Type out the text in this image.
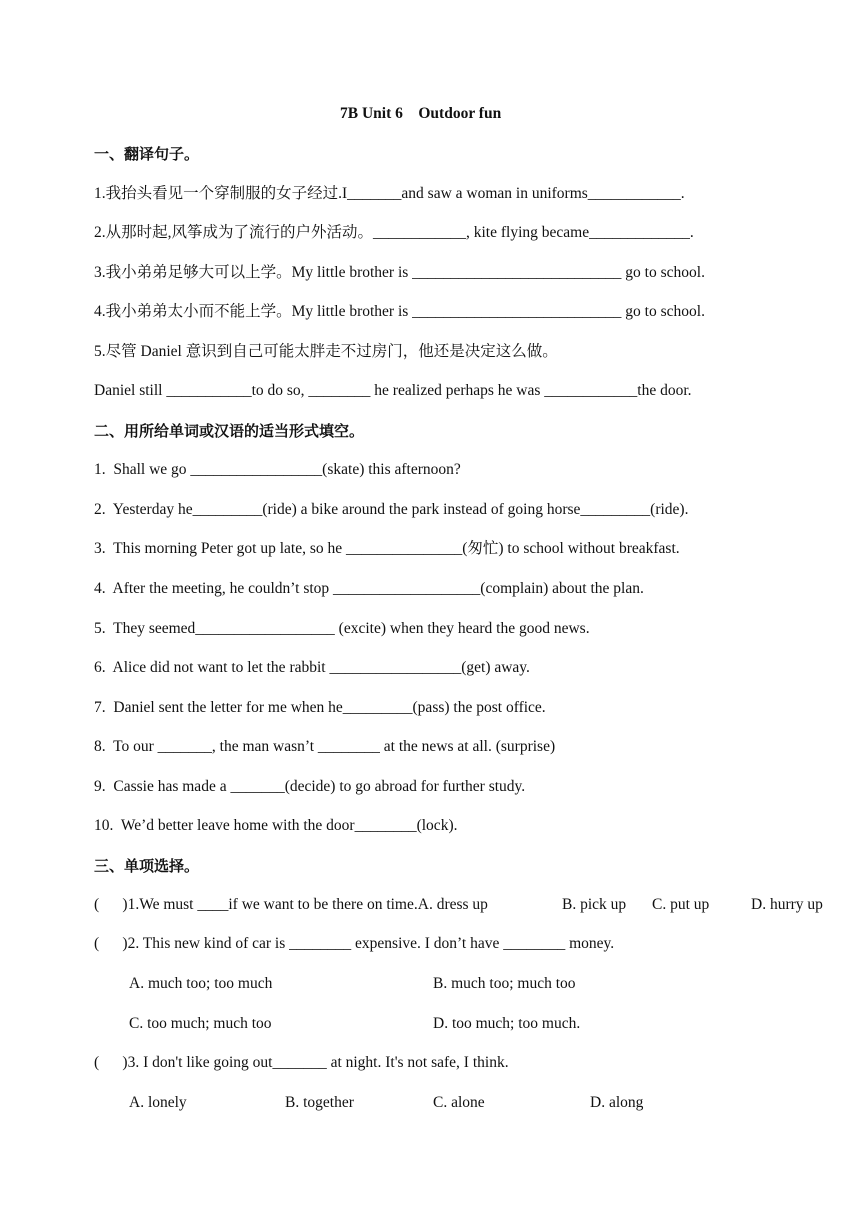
7B Unit 6　Outdoor fun
一、翻译句子。
1.我抬头看见一个穿制服的女子经过.I_______and saw a woman in uniforms____________.
2.从那时起,风筝成为了流行的户外活动。____________, kite flying became_____________.
3.我小弟弟足够大可以上学。My little brother is ___________________________ go to school.
4.我小弟弟太小而不能上学。My little brother is ___________________________ go to school.
5.尽管 Daniel 意识到自己可能太胖走不过房门，他还是决定这么做。
Daniel still ___________to do so, ________ he realized perhaps he was ____________the door.
二、用所给单词或汉语的适当形式填空。
1.  Shall we go _________________(skate) this afternoon?
2.  Yesterday he_________(ride) a bike around the park instead of going horse_________(ride).
3.  This morning Peter got up late, so he _______________(匆忙) to school without breakfast.
4.  After the meeting, he couldn’t stop ___________________(complain) about the plan.
5.  They seemed__________________ (excite) when they heard the good news.
6.  Alice did not want to let the rabbit _________________(get) away.
7.  Daniel sent the letter for me when he_________(pass) the post office.
8.  To our _______, the man wasn’t ________ at the news at all. (surprise)
9.  Cassie has made a _______(decide) to go abroad for further study.
10.  We’d better leave home with the door________(lock).
三、单项选择。
(      )1.We must ____if we want to be there on time.A. dress up	B. pick up C. put up	D. hurry up
(      )2. This new kind of car is ________ expensive. I don’t have ________ money.
A. much too; too much	B. much too; much too
C. too much; much too	D. too much; too much.
(      )3. I don't like going out_______ at night. It's not safe, I think.
A. lonely	B. together	C. alone	D. along
